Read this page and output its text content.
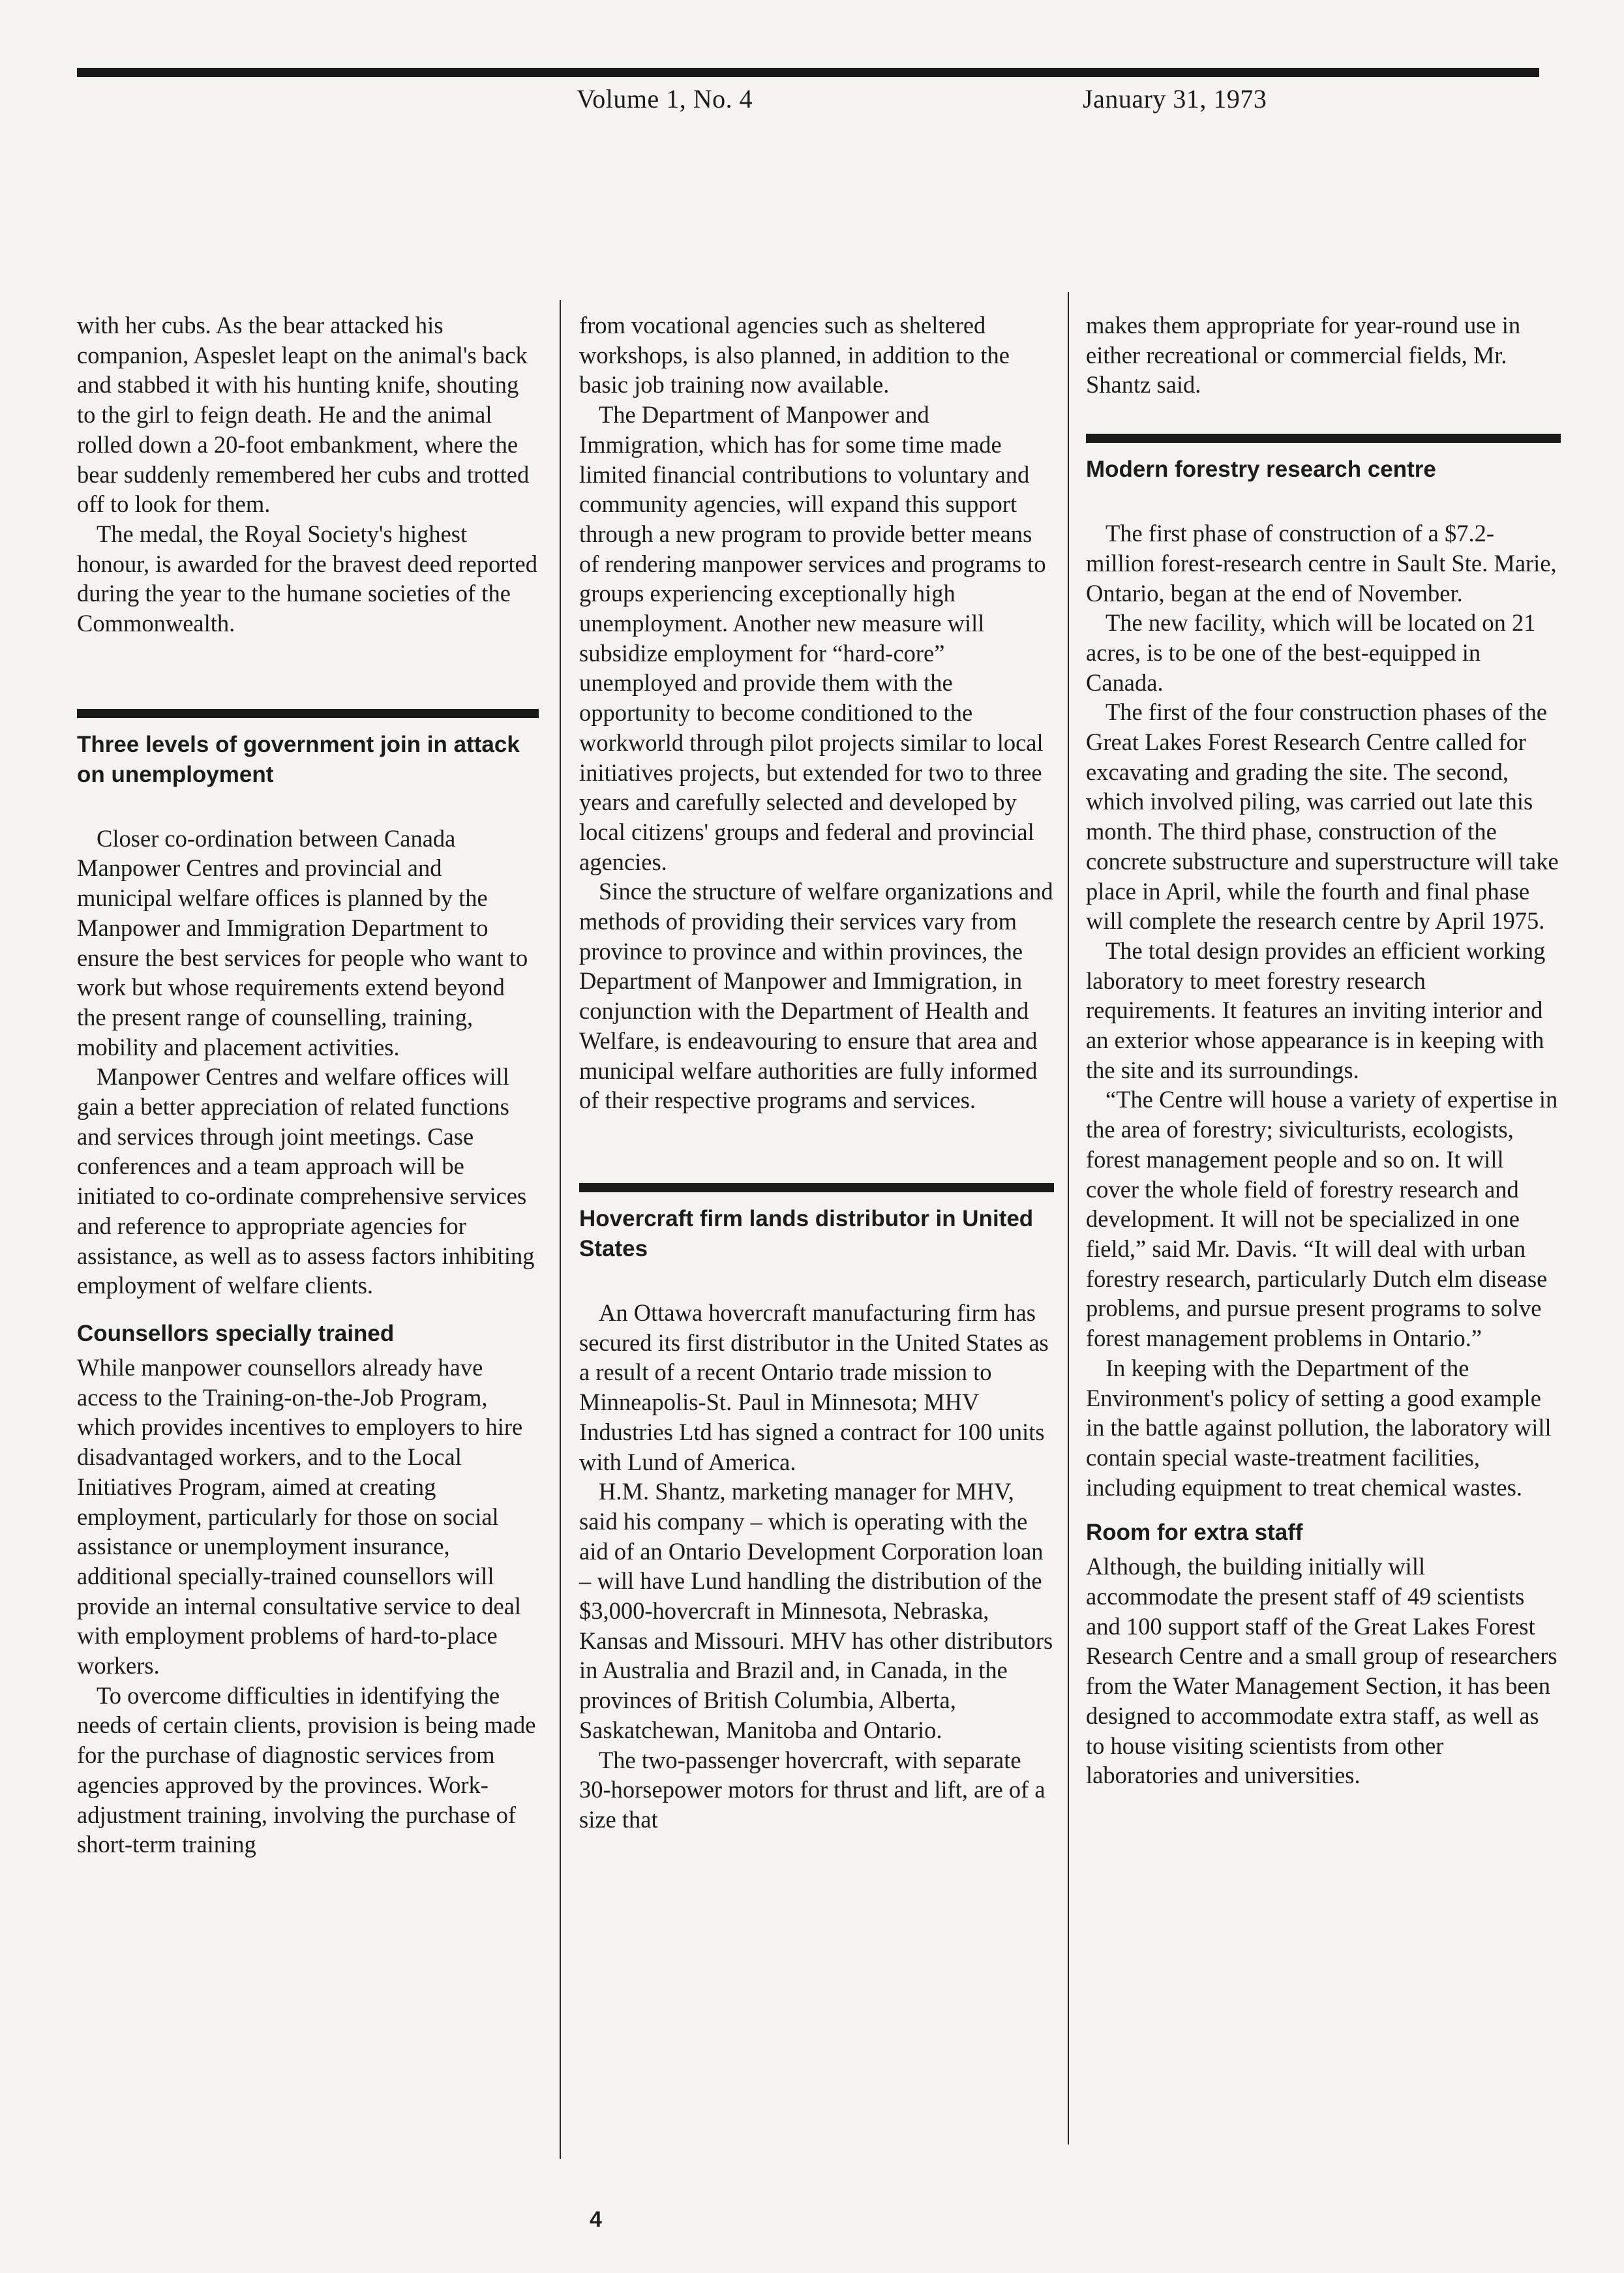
Volume 1, No. 4	January 31, 1973

with her cubs. As the bear attacked his companion, Aspeslet leapt on the animal's back and stabbed it with his hunting knife, shouting to the girl to feign death. He and the animal rolled down a 20-foot embankment, where the bear suddenly remembered her cubs and trotted off to look for them.

The medal, the Royal Society's highest honour, is awarded for the bravest deed reported during the year to the humane societies of the Commonwealth.

Three levels of government join in attack on unemployment

Closer co-ordination between Canada Manpower Centres and provincial and municipal welfare offices is planned by the Manpower and Immigration Department to ensure the best services for people who want to work but whose requirements extend beyond the present range of counselling, training, mobility and placement activities.

Manpower Centres and welfare offices will gain a better appreciation of related functions and services through joint meetings. Case conferences and a team approach will be initiated to co-ordinate comprehensive services and reference to appropriate agencies for assistance, as well as to assess factors inhibiting employment of welfare clients.

Counsellors specially trained

While manpower counsellors already have access to the Training-on-the-Job Program, which provides incentives to employers to hire disadvantaged workers, and to the Local Initiatives Program, aimed at creating employment, particularly for those on social assistance or unemployment insurance, additional specially-trained counsellors will provide an internal consultative service to deal with employment problems of hard-to-place workers.

To overcome difficulties in identifying the needs of certain clients, provision is being made for the purchase of diagnostic services from agencies approved by the provinces. Work-adjustment training, involving the purchase of short-term training

from vocational agencies such as sheltered workshops, is also planned, in addition to the basic job training now available.

The Department of Manpower and Immigration, which has for some time made limited financial contributions to voluntary and community agencies, will expand this support through a new program to provide better means of rendering manpower services and programs to groups experiencing exceptionally high unemployment. Another new measure will subsidize employment for “hard-core” unemployed and provide them with the opportunity to become conditioned to the workworld through pilot projects similar to local initiatives projects, but extended for two to three years and carefully selected and developed by local citizens' groups and federal and provincial agencies.

Since the structure of welfare organizations and methods of providing their services vary from province to province and within provinces, the Department of Manpower and Immigration, in conjunction with the Department of Health and Welfare, is endeavouring to ensure that area and municipal welfare authorities are fully informed of their respective programs and services.

Hovercraft firm lands distributor in United States

An Ottawa hovercraft manufacturing firm has secured its first distributor in the United States as a result of a recent Ontario trade mission to Minneapolis-St. Paul in Minnesota; MHV Industries Ltd has signed a contract for 100 units with Lund of America.

H.M. Shantz, marketing manager for MHV, said his company – which is operating with the aid of an Ontario Development Corporation loan – will have Lund handling the distribution of the $3,000-hovercraft in Minnesota, Nebraska, Kansas and Missouri. MHV has other distributors in Australia and Brazil and, in Canada, in the provinces of British Columbia, Alberta, Saskatchewan, Manitoba and Ontario.

The two-passenger hovercraft, with separate 30-horsepower motors for thrust and lift, are of a size that

makes them appropriate for year-round use in either recreational or commercial fields, Mr. Shantz said.

Modern forestry research centre

The first phase of construction of a $7.2-million forest-research centre in Sault Ste. Marie, Ontario, began at the end of November.

The new facility, which will be located on 21 acres, is to be one of the best-equipped in Canada.

The first of the four construction phases of the Great Lakes Forest Research Centre called for excavating and grading the site. The second, which involved piling, was carried out late this month. The third phase, construction of the concrete substructure and superstructure will take place in April, while the fourth and final phase will complete the research centre by April 1975.

The total design provides an efficient working laboratory to meet forestry research requirements. It features an inviting interior and an exterior whose appearance is in keeping with the site and its surroundings.

“The Centre will house a variety of expertise in the area of forestry; siviculturists, ecologists, forest management people and so on. It will cover the whole field of forestry research and development. It will not be specialized in one field,” said Mr. Davis. “It will deal with urban forestry research, particularly Dutch elm disease problems, and pursue present programs to solve forest management problems in Ontario.”

In keeping with the Department of the Environment's policy of setting a good example in the battle against pollution, the laboratory will contain special waste-treatment facilities, including equipment to treat chemical wastes.

Room for extra staff

Although, the building initially will accommodate the present staff of 49 scientists and 100 support staff of the Great Lakes Forest Research Centre and a small group of researchers from the Water Management Section, it has been designed to accommodate extra staff, as well as to house visiting scientists from other laboratories and universities.

4
